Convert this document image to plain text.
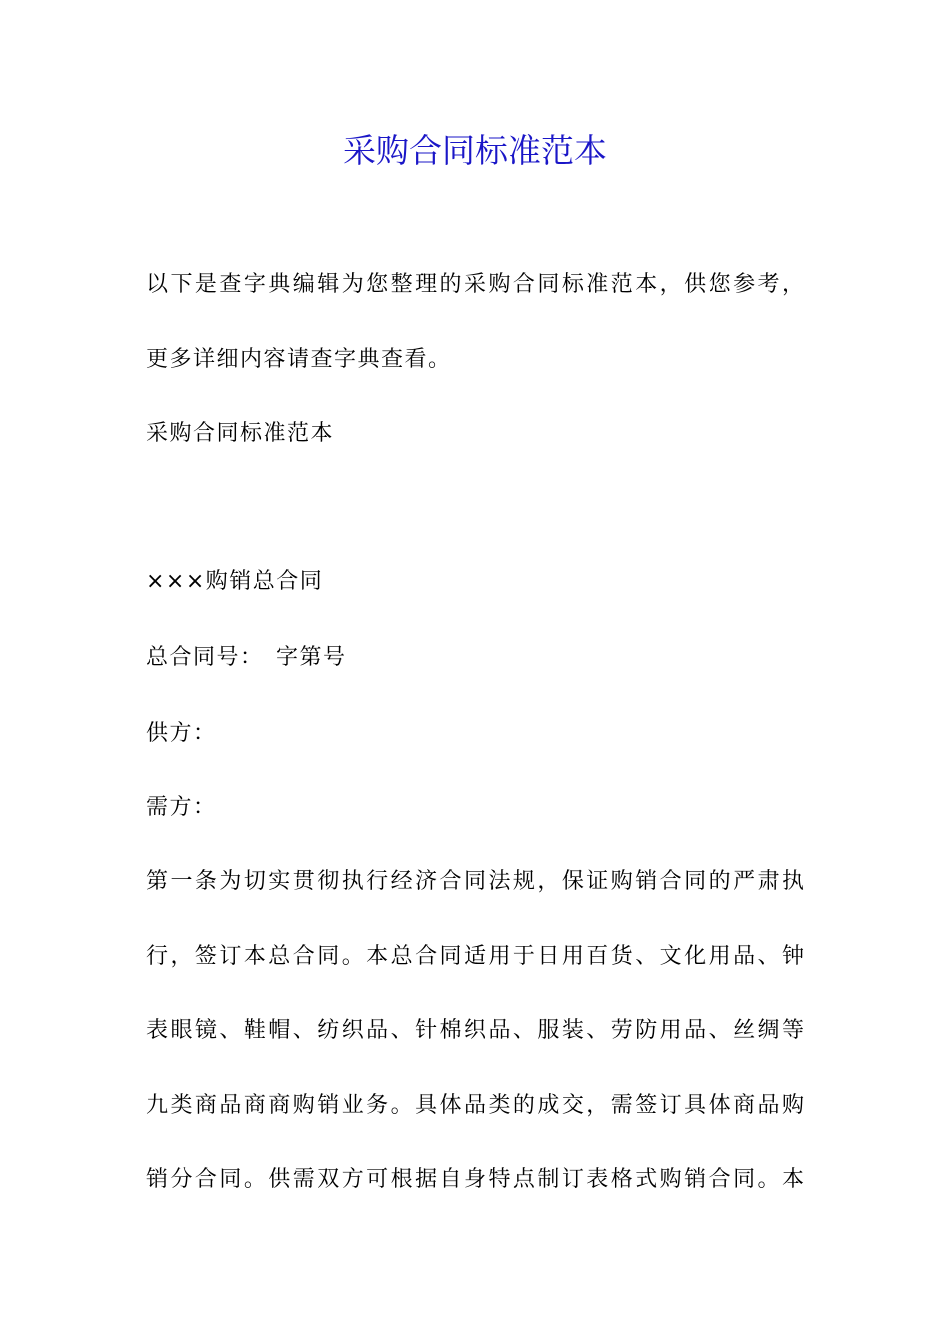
采购合同标准范本

以下是查字典编辑为您整理的采购合同标准范本，供您参考，

更多详细内容请查字典查看。

采购合同标准范本

×××购销总合同

总合同号：　字第号

供方：

需方：

第一条为切实贯彻执行经济合同法规，保证购销合同的严肃执

行，签订本总合同。本总合同适用于日用百货、文化用品、钟

表眼镜、鞋帽、纺织品、针棉织品、服装、劳防用品、丝绸等

九类商品商商购销业务。具体品类的成交，需签订具体商品购

销分合同。供需双方可根据自身特点制订表格式购销合同。本
